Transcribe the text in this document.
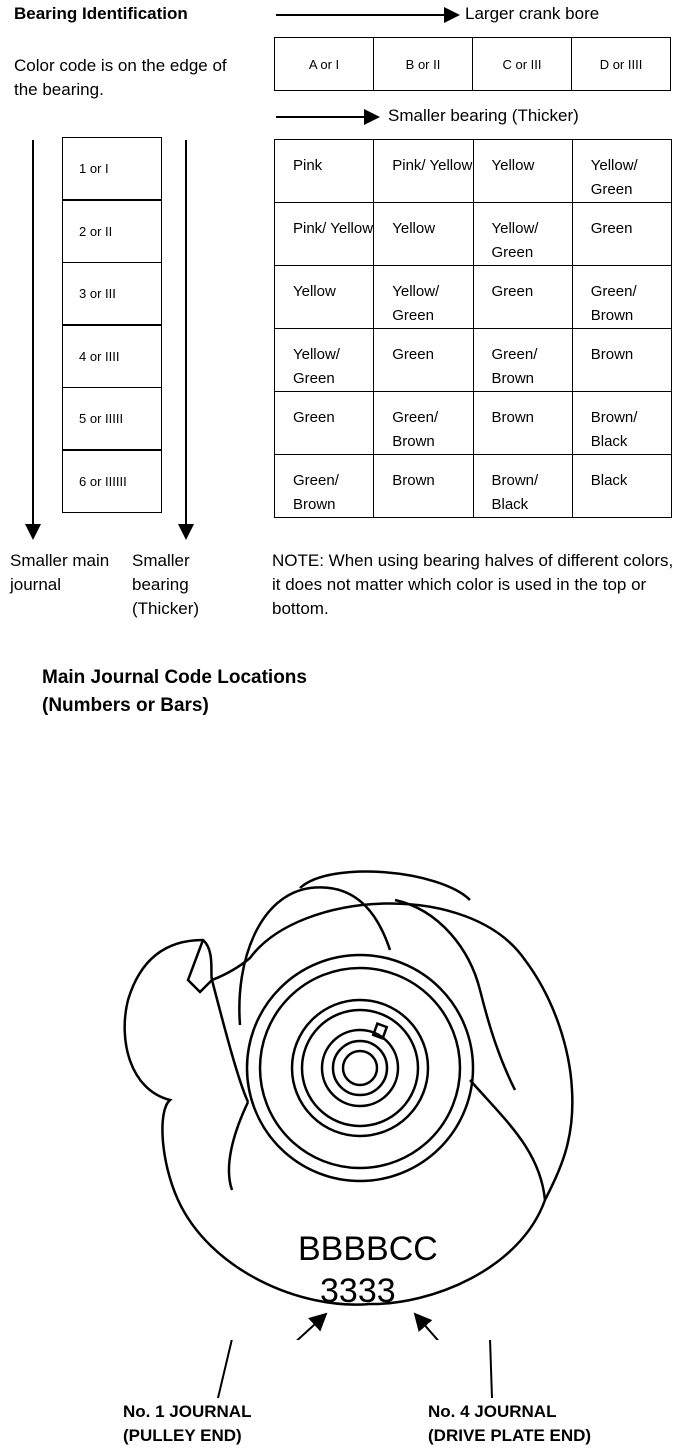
Bearing Identification
Color code is on the edge of the bearing.
Larger crank bore
Smaller bearing (Thicker)
A or I	B or II	C or III	D or IIII
1 or I
2 or II
3 or III
4 or IIII
5 or IIIII
6 or IIIIII
Pink	Pink/ Yellow	Yellow	Yellow/ Green
Pink/ Yellow	Yellow	Yellow/ Green	Green
Yellow	Yellow/ Green	Green	Green/ Brown
Yellow/ Green	Green	Green/ Brown	Brown
Green	Green/ Brown	Brown	Brown/ Black
Green/ Brown	Brown	Brown/ Black	Black
Smaller main journal
Smaller bearing (Thicker)
NOTE: When using bearing halves of different colors, it does not matter which color is used in the top or bottom.
Main Journal Code Locations
(Numbers or Bars)
BBBBCC
3333
No. 1 JOURNAL
(PULLEY END)
No. 4 JOURNAL
(DRIVE PLATE END)
